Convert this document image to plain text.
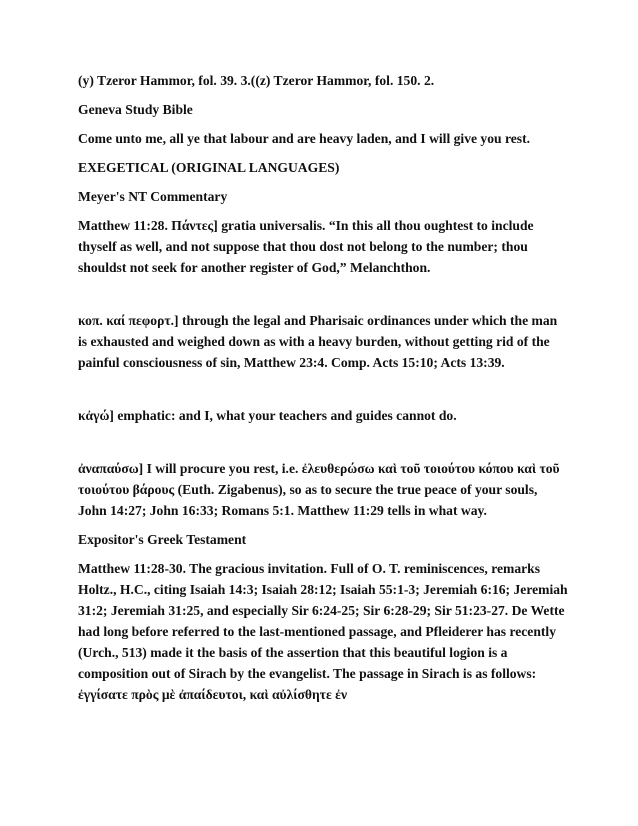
(y) Tzeror Hammor, fol. 39. 3.((z) Tzeror Hammor, fol. 150. 2.

Geneva Study Bible

Come unto me, all ye that labour and are heavy laden, and I will give you rest.

EXEGETICAL (ORIGINAL LANGUAGES)

Meyer's NT Commentary

Matthew 11:28. Πάντες] gratia universalis. “In this all thou oughtest to include thyself as well, and not suppose that thou dost not belong to the number; thou shouldst not seek for another register of God,” Melanchthon.

κοπ. καί πεφορτ.] through the legal and Pharisaic ordinances under which the man is exhausted and weighed down as with a heavy burden, without getting rid of the painful consciousness of sin, Matthew 23:4. Comp. Acts 15:10; Acts 13:39.

κἀγώ] emphatic: and I, what your teachers and guides cannot do.

ἀναπαύσω] I will procure you rest, i.e. ἐλευθερώσω καὶ τοῦ τοιούτου κόπου καὶ τοῦ τοιούτου βάρους (Euth. Zigabenus), so as to secure the true peace of your souls, John 14:27; John 16:33; Romans 5:1. Matthew 11:29 tells in what way.

Expositor's Greek Testament

Matthew 11:28-30. The gracious invitation. Full of O. T. reminiscences, remarks Holtz., H.C., citing Isaiah 14:3; Isaiah 28:12; Isaiah 55:1-3; Jeremiah 6:16; Jeremiah 31:2; Jeremiah 31:25, and especially Sir 6:24-25; Sir 6:28-29; Sir 51:23-27. De Wette had long before referred to the last-mentioned passage, and Pfleiderer has recently (Urch., 513) made it the basis of the assertion that this beautiful logion is a composition out of Sirach by the evangelist. The passage in Sirach is as follows: ἐγγίσατε πρὸς μὲ ἀπαίδευτοι, καὶ αὐλίσθητε ἐν
